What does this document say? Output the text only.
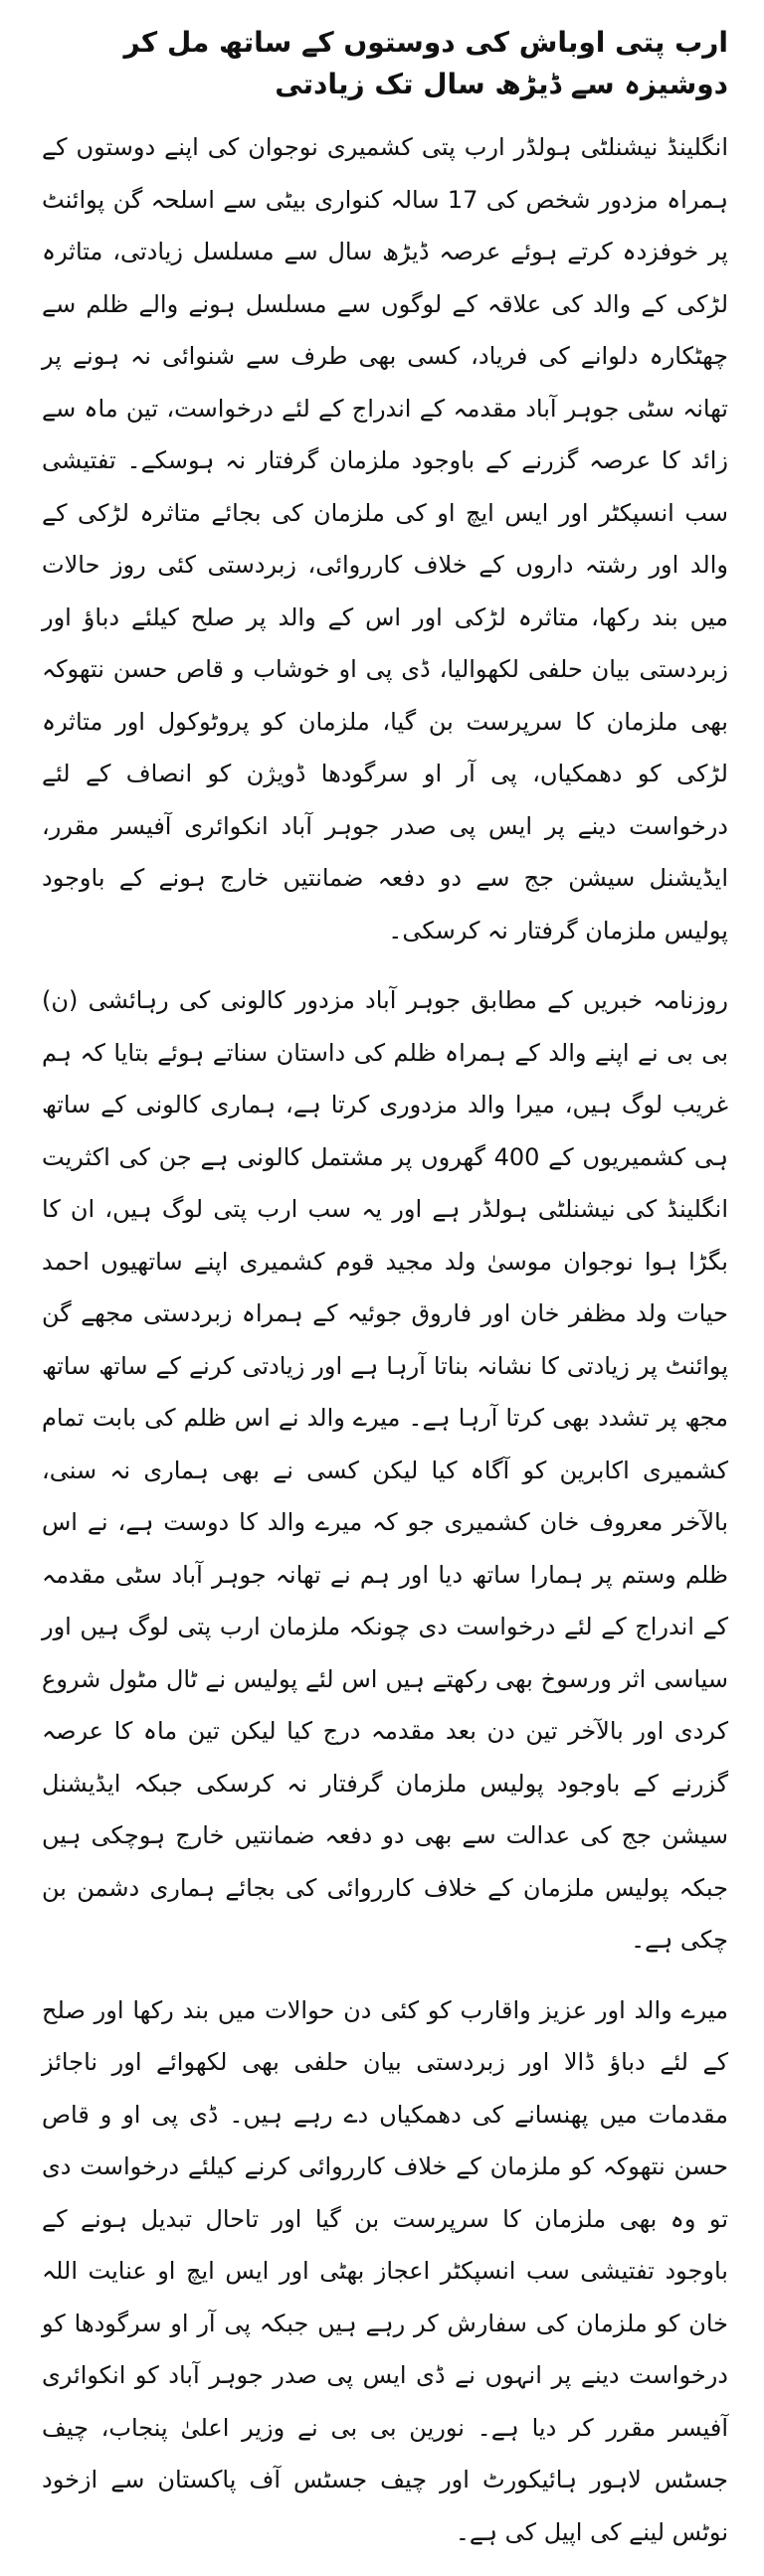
ارب پتی اوباش کی دوستوں کے ساتھ مل کر دوشیزہ سے ڈیڑھ سال تک زیادتی

انگلینڈ نیشنلٹی ہولڈر ارب پتی کشمیری نوجوان کی اپنے دوستوں کے ہمراہ مزدور شخص کی 17 سالہ کنواری بیٹی سے اسلحہ گن پوائنٹ پر خوفزدہ کرتے ہوئے عرصہ ڈیڑھ سال سے مسلسل زیادتی، متاثرہ لڑکی کے والد کی علاقہ کے لوگوں سے مسلسل ہونے والے ظلم سے چھٹکارہ دلوانے کی فریاد، کسی بھی طرف سے شنوائی نہ ہونے پر تھانہ سٹی جوہر آباد مقدمہ کے اندراج کے لئے درخواست، تین ماہ سے زائد کا عرصہ گزرنے کے باوجود ملزمان گرفتار نہ ہوسکے۔ تفتیشی سب انسپکٹر اور ایس ایچ او کی ملزمان کی بجائے متاثرہ لڑکی کے والد اور رشتہ داروں کے خلاف کارروائی، زبردستی کئی روز حالات میں بند رکھا، متاثرہ لڑکی اور اس کے والد پر صلح کیلئے دباؤ اور زبردستی بیان حلفی لکھوالیا، ڈی پی او خوشاب و قاص حسن نتھوکہ بھی ملزمان کا سرپرست بن گیا، ملزمان کو پروٹوکول اور متاثرہ لڑکی کو دھمکیاں، پی آر او سرگودھا ڈویژن کو انصاف کے لئے درخواست دینے پر ایس پی صدر جوہر آباد انکوائری آفیسر مقرر، ایڈیشنل سیشن جج سے دو دفعہ ضمانتیں خارج ہونے کے باوجود پولیس ملزمان گرفتار نہ کرسکی۔

روزنامہ خبریں کے مطابق جوہر آباد مزدور کالونی کی رہائشی (ن) بی بی نے اپنے والد کے ہمراہ ظلم کی داستان سناتے ہوئے بتایا کہ ہم غریب لوگ ہیں، میرا والد مزدوری کرتا ہے، ہماری کالونی کے ساتھ ہی کشمیریوں کے 400 گھروں پر مشتمل کالونی ہے جن کی اکثریت انگلینڈ کی نیشنلٹی ہولڈر ہے اور یہ سب ارب پتی لوگ ہیں، ان کا بگڑا ہوا نوجوان موسیٰ ولد مجید قوم کشمیری اپنے ساتھیوں احمد حیات ولد مظفر خان اور فاروق جوئیہ کے ہمراہ زبردستی مجھے گن پوائنٹ پر زیادتی کا نشانہ بناتا آرہا ہے اور زیادتی کرنے کے ساتھ ساتھ مجھ پر تشدد بھی کرتا آرہا ہے۔ میرے والد نے اس ظلم کی بابت تمام کشمیری اکابرین کو آگاہ کیا لیکن کسی نے بھی ہماری نہ سنی، بالآخر معروف خان کشمیری جو کہ میرے والد کا دوست ہے، نے اس ظلم وستم پر ہمارا ساتھ دیا اور ہم نے تھانہ جوہر آباد سٹی مقدمہ کے اندراج کے لئے درخواست دی چونکہ ملزمان ارب پتی لوگ ہیں اور سیاسی اثر ورسوخ بھی رکھتے ہیں اس لئے پولیس نے ٹال مٹول شروع کردی اور بالآخر تین دن بعد مقدمہ درج کیا لیکن تین ماہ کا عرصہ گزرنے کے باوجود پولیس ملزمان گرفتار نہ کرسکی جبکہ ایڈیشنل سیشن جج کی عدالت سے بھی دو دفعہ ضمانتیں خارج ہوچکی ہیں جبکہ پولیس ملزمان کے خلاف کارروائی کی بجائے ہماری دشمن بن چکی ہے۔

میرے والد اور عزیز واقارب کو کئی دن حوالات میں بند رکھا اور صلح کے لئے دباؤ ڈالا اور زبردستی بیان حلفی بھی لکھوائے اور ناجائز مقدمات میں پھنسانے کی دھمکیاں دے رہے ہیں۔ ڈی پی او و قاص حسن نتھوکہ کو ملزمان کے خلاف کارروائی کرنے کیلئے درخواست دی تو وہ بھی ملزمان کا سرپرست بن گیا اور تاحال تبدیل ہونے کے باوجود تفتیشی سب انسپکٹر اعجاز بھٹی اور ایس ایچ او عنایت اللہ خان کو ملزمان کی سفارش کر رہے ہیں جبکہ پی آر او سرگودھا کو درخواست دینے پر انہوں نے ڈی ایس پی صدر جوہر آباد کو انکوائری آفیسر مقرر کر دیا ہے۔ نورین بی بی نے وزیر اعلیٰ پنجاب، چیف جسٹس لاہور ہائیکورٹ اور چیف جسٹس آف پاکستان سے ازخود نوٹس لینے کی اپیل کی ہے۔
